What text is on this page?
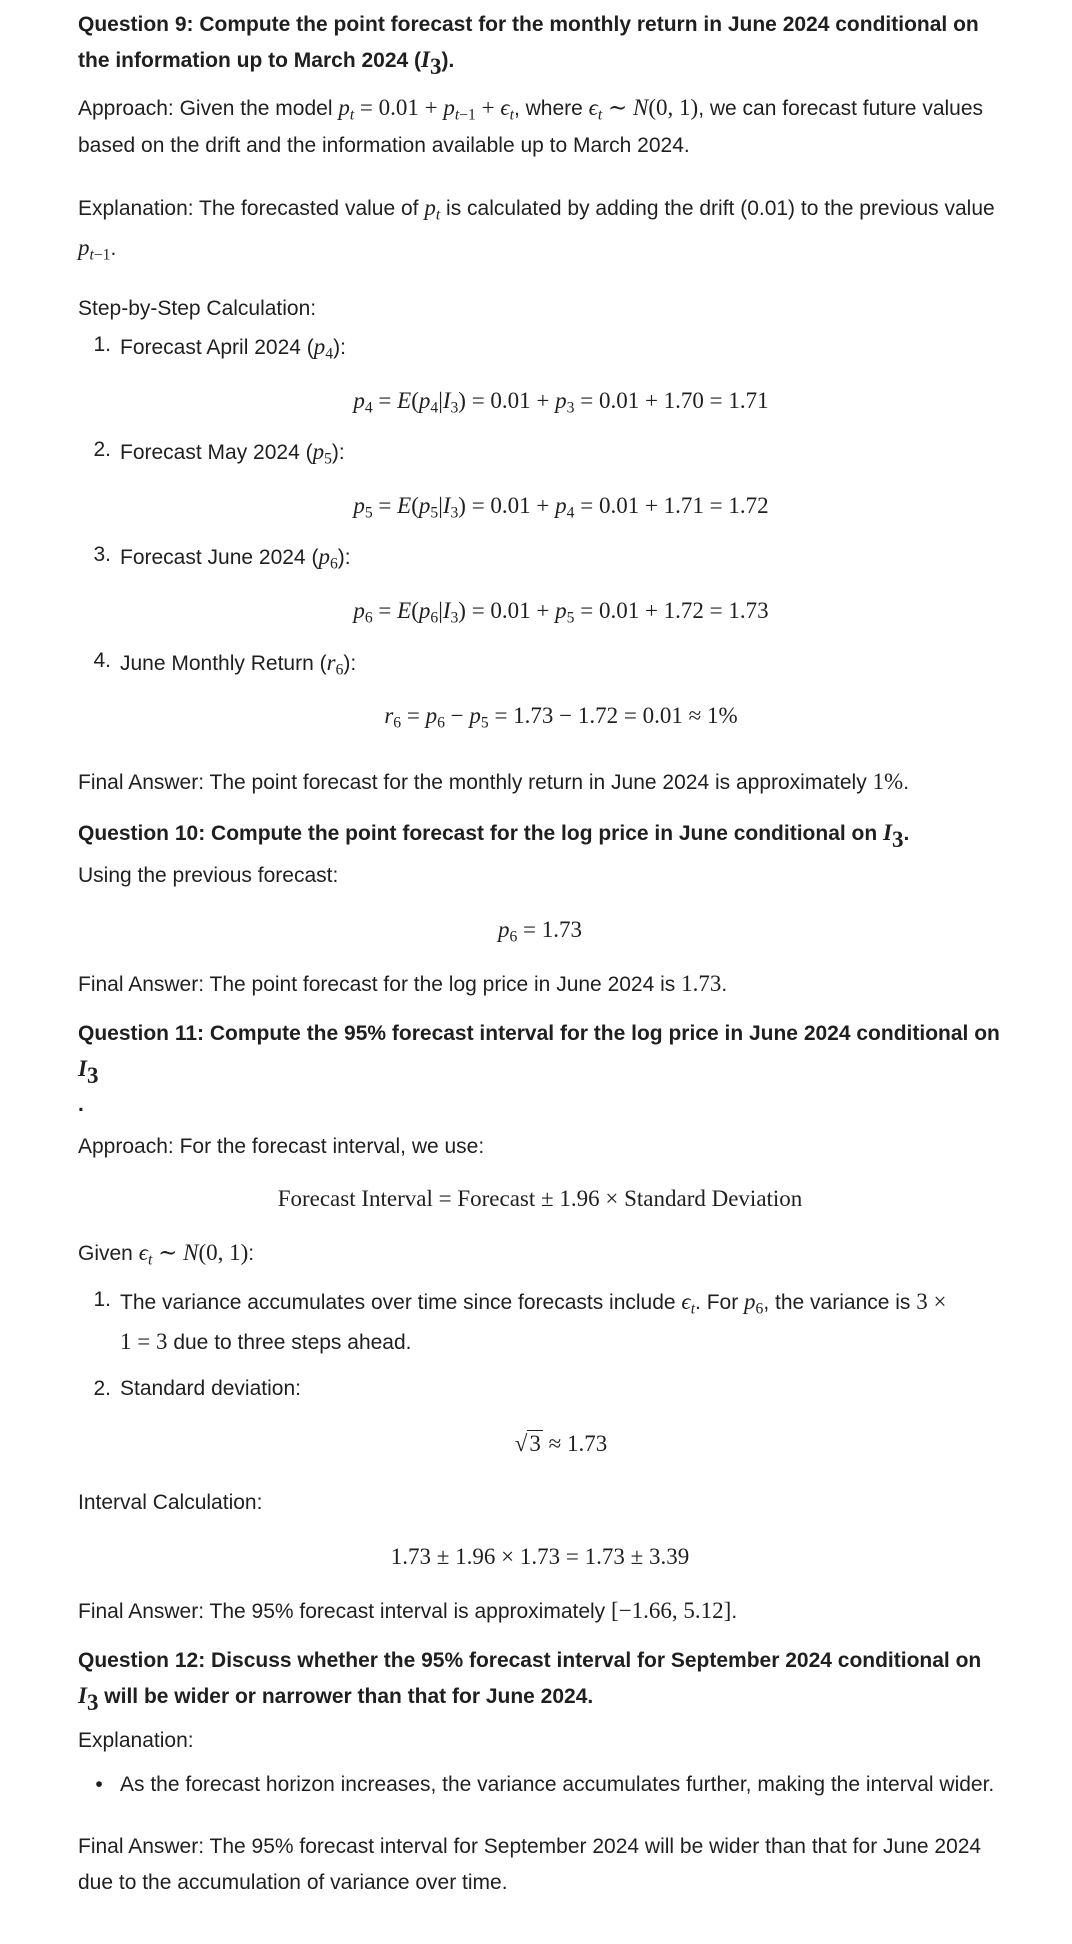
Question 9: Compute the point forecast for the monthly return in June 2024 conditional on the information up to March 2024 $(I_3)$.

Approach: Given the model $p_t = 0.01 + p_{t-1} + \epsilon_t$, where $\epsilon_t$ ∼ N(0, 1), we can forecast future values based on the drift and the information available up to March 2024.

Explanation: The forecasted value of $p_t$ is calculated by adding the drift (0.01) to the previous value $p_{t-1}$.

Step-by-Step Calculation:

1. Forecast April 2024 $(p_4)$:
$p_4 = E(p_4|I_3) = 0.01 + p_3 = 0.01 + 1.70 = 1.71$
2. Forecast May 2024 $(p_5)$:
$p_5 = E(p_5|I_3) = 0.01 + p_4 = 0.01 + 1.71 = 1.72$
3. Forecast June 2024 $(p_6)$:
$p_6 = E(p_6|I_3) = 0.01 + p_5 = 0.01 + 1.72 = 1.73$
4. June Monthly Return $(r_6)$:
$r_6 = p_6 - p_5 = 1.73 - 1.72 = 0.01 \approx 1\%$

Final Answer: The point forecast for the monthly return in June 2024 is approximately 1%.

Question 10: Compute the point forecast for the log price in June conditional on $I_3$.

Using the previous forecast:

$p_6 = 1.73$

Final Answer: The point forecast for the log price in June 2024 is 1.73.

Question 11: Compute the 95% forecast interval for the log price in June 2024 conditional on $I_3$
.

Approach: For the forecast interval, we use:

Forecast Interval = Forecast ± 1.96 × Standard Deviation

Given $\epsilon_t$ ∼ N(0, 1):

1. The variance accumulates over time since forecasts include $\epsilon_t$. For $p_6$, the variance is 3 ×
1 = 3 due to three steps ahead.
2. Standard deviation:
√3 ≈ 1.73

Interval Calculation:

1.73 ± 1.96 × 1.73 = 1.73 ± 3.39

Final Answer: The 95% forecast interval is approximately [−1.66, 5.12].

Question 12: Discuss whether the 95% forecast interval for September 2024 conditional on $I_3$ will be wider or narrower than that for June 2024.

Explanation:

• As the forecast horizon increases, the variance accumulates further, making the interval wider.

Final Answer: The 95% forecast interval for September 2024 will be wider than that for June 2024 due to the accumulation of variance over time.
